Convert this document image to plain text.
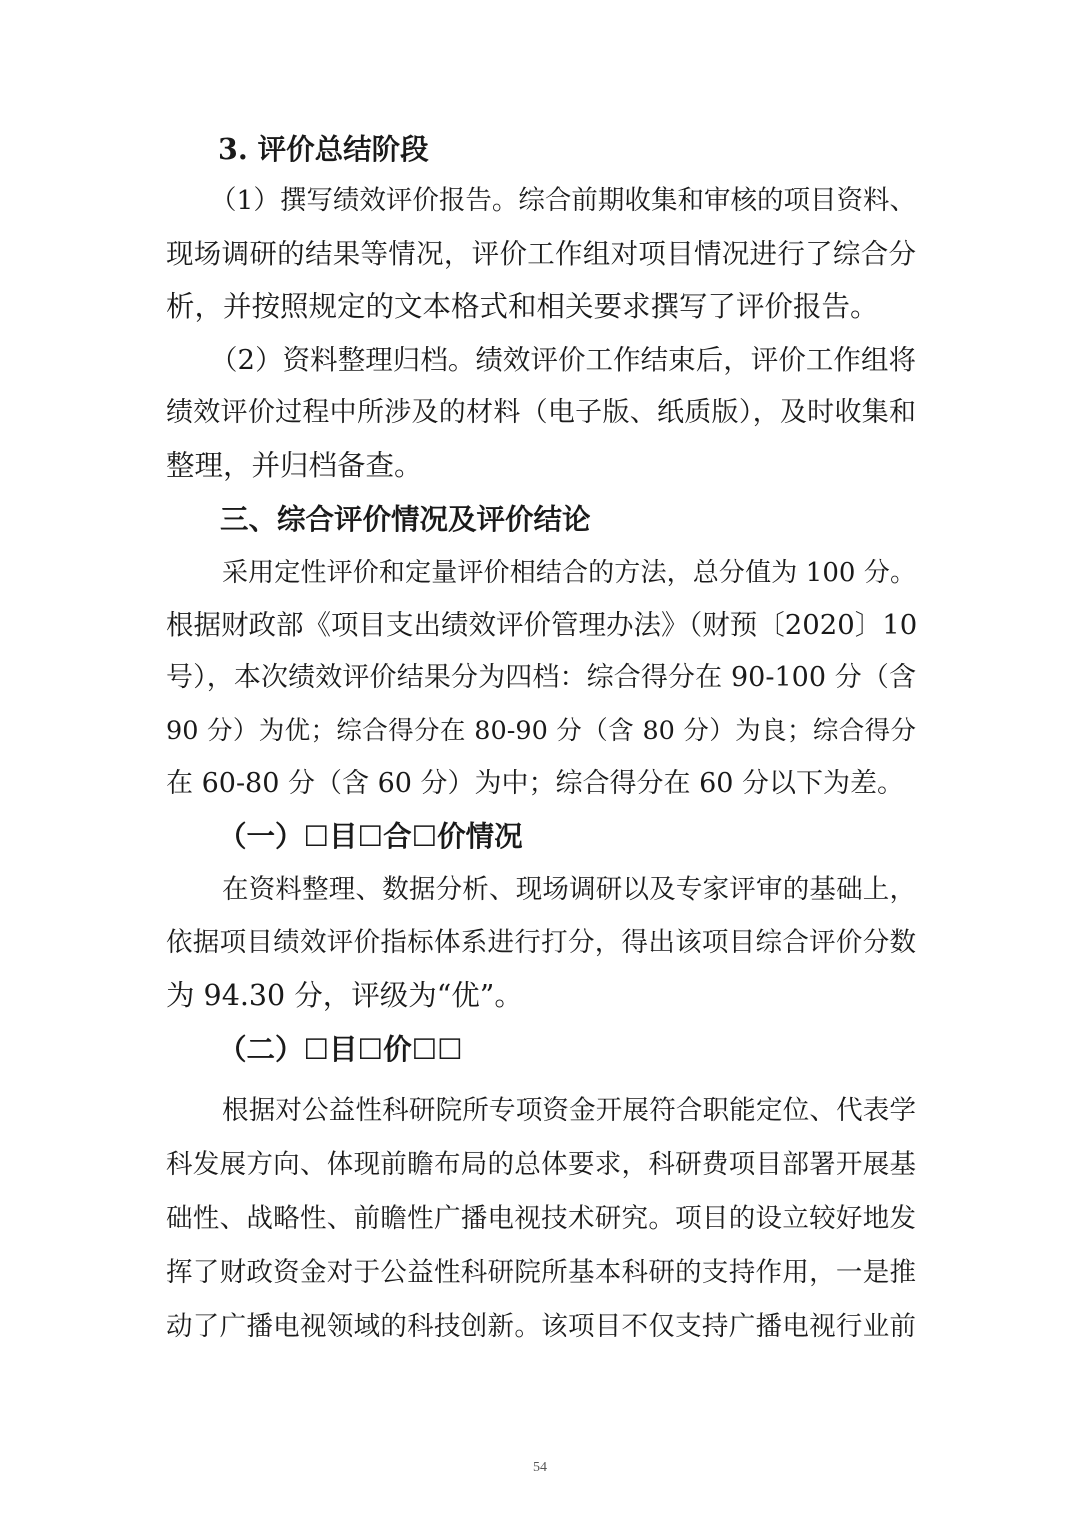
3. 评价总结阶段
（1）撰写绩效评价报告。综合前期收集和审核的项目资料、
现场调研的结果等情况，评价工作组对项目情况进行了综合分
析，并按照规定的文本格式和相关要求撰写了评价报告。
（2）资料整理归档。绩效评价工作结束后，评价工作组将
绩效评价过程中所涉及的材料（电子版、纸质版），及时收集和
整理，并归档备查。
三、综合评价情况及评价结论
采用定性评价和定量评价相结合的方法，总分值为 100 分。
根据财政部《项目支出绩效评价管理办法》（财预〔2020〕10
号），本次绩效评价结果分为四档：综合得分在 90-100 分（含
90 分）为优；综合得分在 80-90 分（含 80 分）为良；综合得分
在 60-80 分（含 60 分）为中；综合得分在 60 分以下为差。
（一）☐目☐合☐价情况
在资料整理、数据分析、现场调研以及专家评审的基础上，
依据项目绩效评价指标体系进行打分，得出该项目综合评价分数
为 94.30 分，评级为“优”。
（二）☐目☐价☐☐
根据对公益性科研院所专项资金开展符合职能定位、代表学
科发展方向、体现前瞻布局的总体要求，科研费项目部署开展基
础性、战略性、前瞻性广播电视技术研究。项目的设立较好地发
挥了财政资金对于公益性科研院所基本科研的支持作用，一是推
动了广播电视领域的科技创新。该项目不仅支持广播电视行业前
54
